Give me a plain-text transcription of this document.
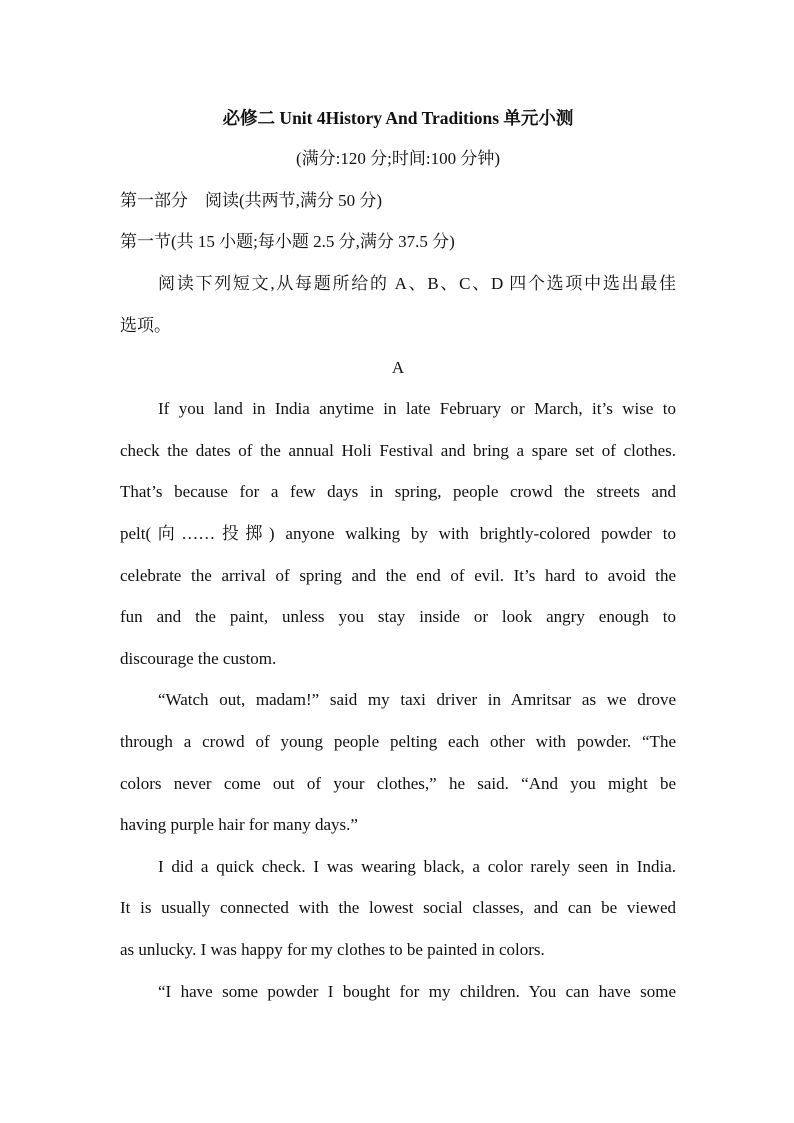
必修二 Unit 4History And Traditions 单元小测
(满分:120 分;时间:100 分钟)
第一部分　阅读(共两节,满分 50 分)
第一节(共 15 小题;每小题 2.5 分,满分 37.5 分)
阅读下列短文,从每题所给的 A、B、C、D 四个选项中选出最佳
选项。
A
If you land in India anytime in late February or March, it’s wise to
check the dates of the annual Holi Festival and bring a spare set of clothes.
That’s because for a few days in spring, people crowd the streets and
pelt(向……投掷) anyone walking by with brightly-colored powder to
celebrate the arrival of spring and the end of evil. It’s hard to avoid the
fun and the paint, unless you stay inside or look angry enough to
discourage the custom.
“Watch out, madam!” said my taxi driver in Amritsar as we drove
through a crowd of young people pelting each other with powder. “The
colors never come out of your clothes,” he said. “And you might be
having purple hair for many days.”
I did a quick check. I was wearing black, a color rarely seen in India.
It is usually connected with the lowest social classes, and can be viewed
as unlucky. I was happy for my clothes to be painted in colors.
“I have some powder I bought for my children. You can have some
